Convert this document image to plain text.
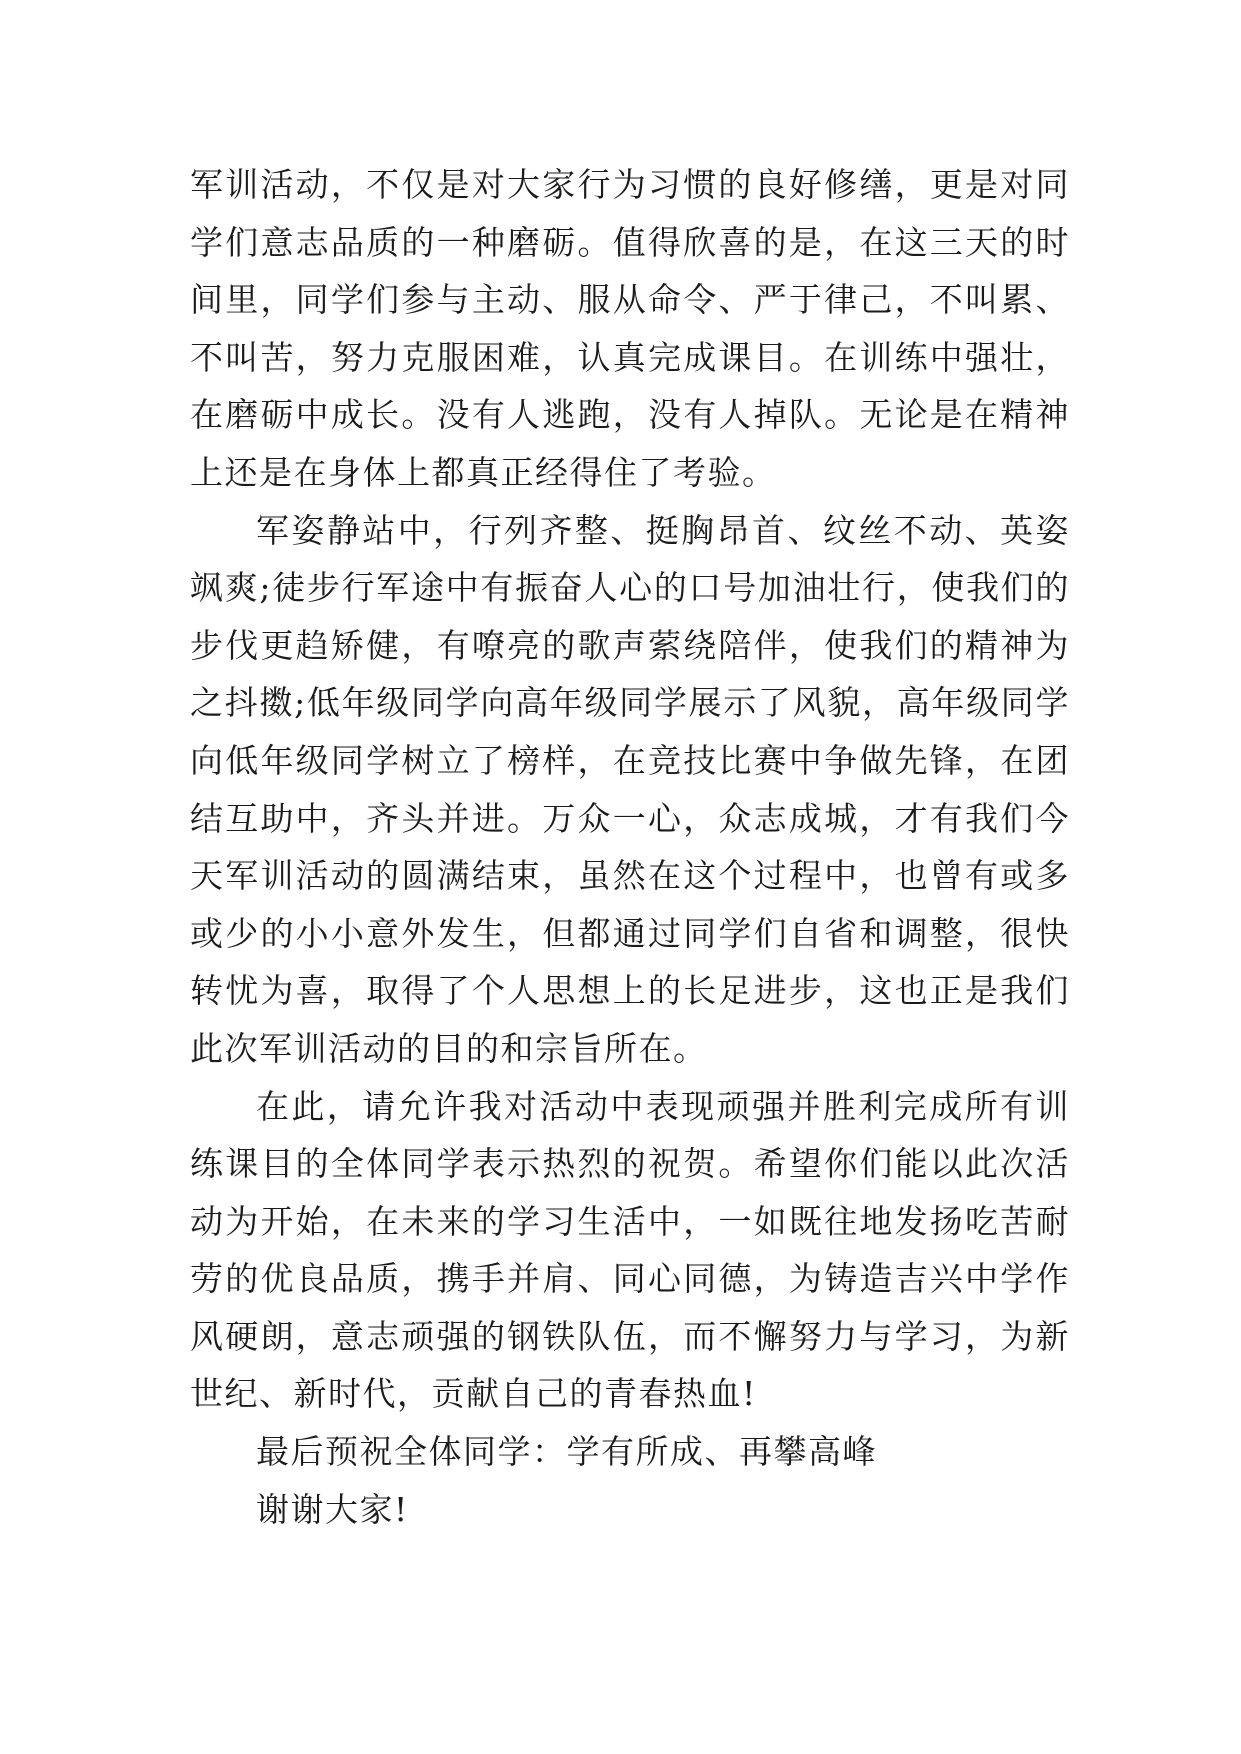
军训活动，不仅是对大家行为习惯的良好修缮，更是对同学们意志品质的一种磨砺。值得欣喜的是，在这三天的时间里，同学们参与主动、服从命令、严于律己，不叫累、不叫苦，努力克服困难，认真完成课目。在训练中强壮，在磨砺中成长。没有人逃跑，没有人掉队。无论是在精神上还是在身体上都真正经得住了考验。

军姿静站中，行列齐整、挺胸昂首、纹丝不动、英姿飒爽;徒步行军途中有振奋人心的口号加油壮行，使我们的步伐更趋矫健，有嘹亮的歌声萦绕陪伴，使我们的精神为之抖擞;低年级同学向高年级同学展示了风貌，高年级同学向低年级同学树立了榜样，在竞技比赛中争做先锋，在团结互助中，齐头并进。万众一心，众志成城，才有我们今天军训活动的圆满结束，虽然在这个过程中，也曾有或多或少的小小意外发生，但都通过同学们自省和调整，很快转忧为喜，取得了个人思想上的长足进步，这也正是我们此次军训活动的目的和宗旨所在。

在此，请允许我对活动中表现顽强并胜利完成所有训练课目的全体同学表示热烈的祝贺。希望你们能以此次活动为开始，在未来的学习生活中，一如既往地发扬吃苦耐劳的优良品质，携手并肩、同心同德，为铸造吉兴中学作风硬朗，意志顽强的钢铁队伍，而不懈努力与学习，为新世纪、新时代，贡献自己的青春热血!

最后预祝全体同学：学有所成、再攀高峰

谢谢大家!
